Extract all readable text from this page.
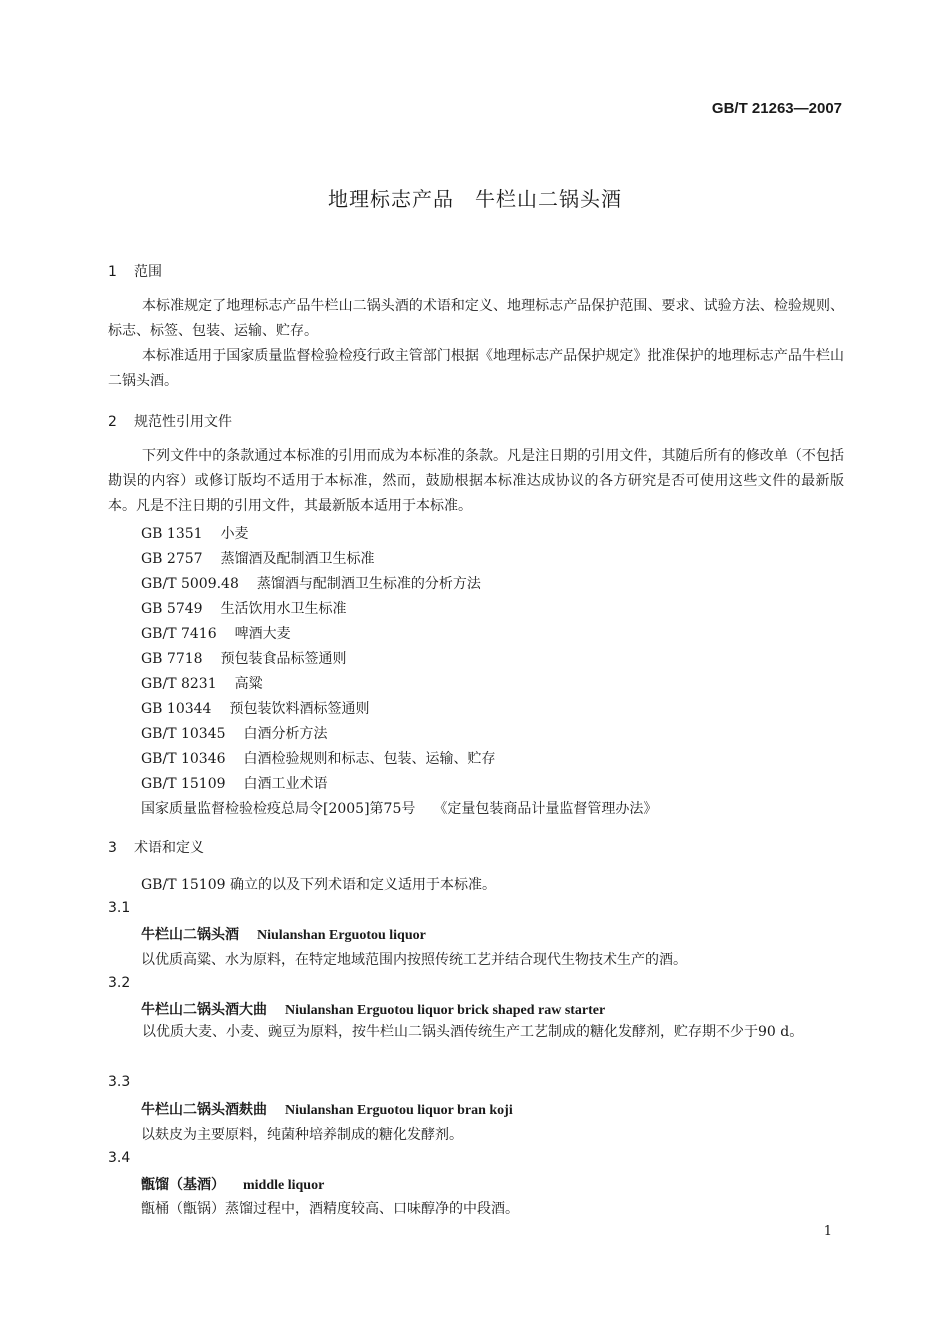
GB/T 21263—2007
地理标志产品　牛栏山二锅头酒
1 范围
本标准规定了地理标志产品牛栏山二锅头酒的术语和定义、地理标志产品保护范围、要求、试验方法、检验规则、标志、标签、包装、运输、贮存。
本标准适用于国家质量监督检验检疫行政主管部门根据《地理标志产品保护规定》批准保护的地理标志产品牛栏山二锅头酒。
2 规范性引用文件
下列文件中的条款通过本标准的引用而成为本标准的条款。凡是注日期的引用文件，其随后所有的修改单（不包括勘误的内容）或修订版均不适用于本标准，然而，鼓励根据本标准达成协议的各方研究是否可使用这些文件的最新版本。凡是不注日期的引用文件，其最新版本适用于本标准。
GB 1351 小麦
GB 2757 蒸馏酒及配制酒卫生标准
GB/T 5009.48 蒸馏酒与配制酒卫生标准的分析方法
GB 5749 生活饮用水卫生标准
GB/T 7416 啤酒大麦
GB 7718 预包装食品标签通则
GB/T 8231 高粱
GB 10344 预包装饮料酒标签通则
GB/T 10345 白酒分析方法
GB/T 10346 白酒检验规则和标志、包装、运输、贮存
GB/T 15109 白酒工业术语
国家质量监督检验检疫总局令[2005]第75号 《定量包装商品计量监督管理办法》
3 术语和定义
GB/T 15109 确立的以及下列术语和定义适用于本标准。
3.1
牛栏山二锅头酒 Niulanshan Erguotou liquor
以优质高粱、水为原料，在特定地域范围内按照传统工艺并结合现代生物技术生产的酒。
3.2
牛栏山二锅头酒大曲 Niulanshan Erguotou liquor brick shaped raw starter
以优质大麦、小麦、豌豆为原料，按牛栏山二锅头酒传统生产工艺制成的糖化发酵剂，贮存期不少于90 d。
3.3
牛栏山二锅头酒麸曲 Niulanshan Erguotou liquor bran koji
以麸皮为主要原料，纯菌种培养制成的糖化发酵剂。
3.4
甑馏（基酒） middle liquor
甑桶（甑锅）蒸馏过程中，酒精度较高、口味醇净的中段酒。
1
